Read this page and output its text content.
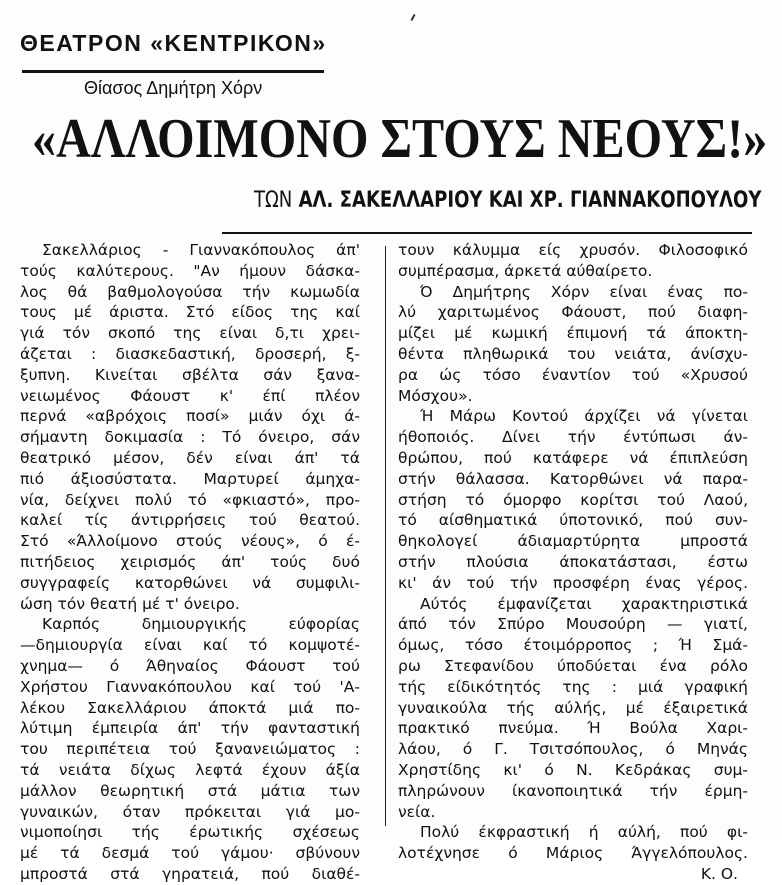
ΘΕΑΤΡΟΝ «ΚΕΝΤΡΙΚΟΝ»
Θίασος Δημήτρη Χόρν
«ΑΛΛΟΙΜΟΝΟ ΣΤΟΥΣ ΝΕΟΥΣ!»
ΤΩΝ ΑΛ. ΣΑΚΕΛΛΑΡΙΟΥ ΚΑΙ ΧΡ. ΓΙΑΝΝΑΚΟΠΟΥΛΟΥ
Σακελλάριος - Γιαννακόπουλος άπ'
τούς καλύτερους. "Αν ήμουν δάσκα-
λος θά βαθμολογούσα τήν κωμωδία
τους μέ άριστα. Στό είδος της καί
γιά τόν σκοπό της είναι δ,τι χρει-
άζεται : διασκεδαστική, δροσερή, ξ-
ξυπνη. Κινείται σβέλτα σάν ξανα-
νειωμένος Φάουστ κ' έπί πλέον
περνά «αβρόχοις ποσί» μιάν όχι ά-
σήμαντη δοκιμασία : Τό όνειρο, σάν
θεατρικό μέσον, δέν είναι άπ' τά
πιό άξιοσύστατα. Μαρτυρεί άμηχα-
νία, δείχνει πολύ τό «φκιαστό», προ-
καλεί τίς άντιρρήσεις τού θεατού.
Στό «Άλλοίμονο στούς νέους», ό έ-
πιτήδειος χειρισμός άπ' τούς δυό
συγγραφείς κατορθώνει νά συμφιλι-
ώση τόν θεατή μέ τ' όνειρο.
Καρπός δημιουργικής εύφορίας
—δημιουργία είναι καί τό κομψοτέ-
χνημα— ό Άθηναίος Φάουστ τού
Χρήστου Γιαννακόπουλου καί τού 'Α-
λέκου Σακελλάριου άποκτά μιά πο-
λύτιμη έμπειρία άπ' τήν φανταστική
του περιπέτεια τού ξανανειώματος :
τά νειάτα δίχως λεφτά έχουν άξία
μάλλον θεωρητική στά μάτια των
γυναικών, όταν πρόκειται γιά μο-
νιμοποίησι τής έρωτικής σχέσεως
μέ τά δεσμά τού γάμου· σβύνουν
μπροστά στά γηρατειά, πού διαθέ-
τουν κάλυμμα είς χρυσόν. Φιλοσοφικό
συμπέρασμα, άρκετά αύθαίρετο.
Ό Δημήτρης Χόρν είναι ένας πο-
λύ χαριτωμένος Φάουστ, πού διαφη-
μίζει μέ κωμική έπιμονή τά άποκτη-
θέντα πληθωρικά του νειάτα, άνίσχυ-
ρα ώς τόσο έναντίον τού «Χρυσού
Μόσχου».
Ή Μάρω Κοντού άρχίζει νά γίνεται
ήθοποιός. Δίνει τήν έντύπωσι άν-
θρώπου, πού κατάφερε νά έπιπλεύση
στήν θάλασσα. Κατορθώνει νά παρα-
στήση τό όμορφο κορίτσι τού Λαού,
τό αίσθηματικά ύποτονικό, πού συν-
θηκολογεί άδιαμαρτύρητα μπροστά
στήν πλούσια άποκατάστασι, έστω
κι' άν τού τήν προσφέρη ένας γέρος.
Αύτός έμφανίζεται χαρακτηριστικά
άπό τόν Σπύρο Μουσούρη — γιατί,
όμως, τόσο έτοιμόρροπος ; Ή Σμά-
ρω Στεφανίδου ύποδύεται ένα ρόλο
τής είδικότητός της : μιά γραφική
γυναικούλα τής αύλής, μέ έξαιρετικά
πρακτικό πνεύμα. Ή Βούλα Χαρι-
λάου, ό Γ. Τσιτσόπουλος, ό Μηνάς
Χρηστίδης κι' ό Ν. Κεδράκας συμ-
πληρώνουν ίκανοποιητικά τήν έρμη-
νεία.
Πολύ έκφραστική ή αύλή, πού φι-
λοτέχνησε ό Μάριος Άγγελόπουλος.
Κ. Ο.
